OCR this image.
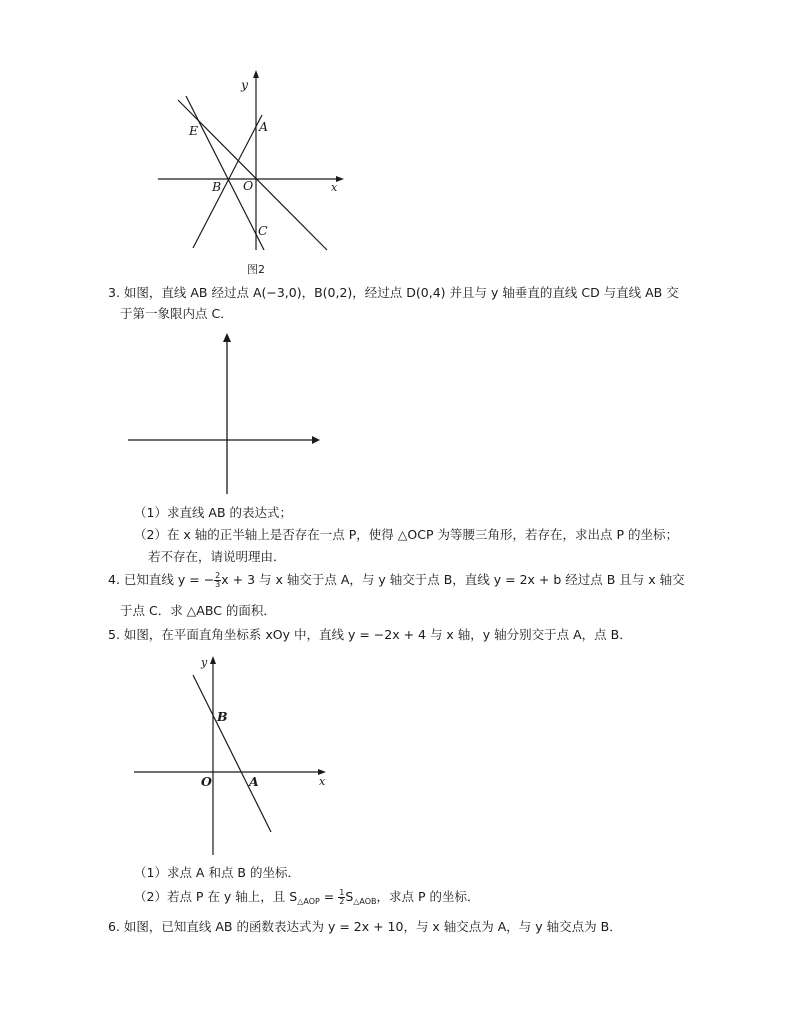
y
x
A
E
B O
C
图2
3. 如图，直线 AB 经过点 A(−3,0)，B(0,2)，经过点 D(0,4) 并且与 y 轴垂直的直线 CD 与直线 AB 交
于第一象限内点 C．
（1）求直线 AB 的表达式；
（2）在 x 轴的正半轴上是否存在一点 P，使得 △OCP 为等腰三角形，若存在，求出点 P 的坐标；
若不存在，请说明理由．
4. 已知直线 y = − $\frac{2}{3}$ x + 3 与 x 轴交于点 A，与 y 轴交于点 B，直线 y = 2x + b 经过点 B 且与 x 轴交
于点 C．求 △ABC 的面积．
5. 如图，在平面直角坐标系 xOy 中，直线 y = −2x + 4 与 x 轴，y 轴分别交于点 A，点 B．
y
x
B
O	A
（1）求点 A 和点 B 的坐标．
（2）若点 P 在 y 轴上，且 $S_{\triangle AOP} = \frac{1}{2} S_{\triangle AOB}$，求点 P 的坐标．
6. 如图，已知直线 AB 的函数表达式为 y = 2x + 10，与 x 轴交点为 A，与 y 轴交点为 B．
